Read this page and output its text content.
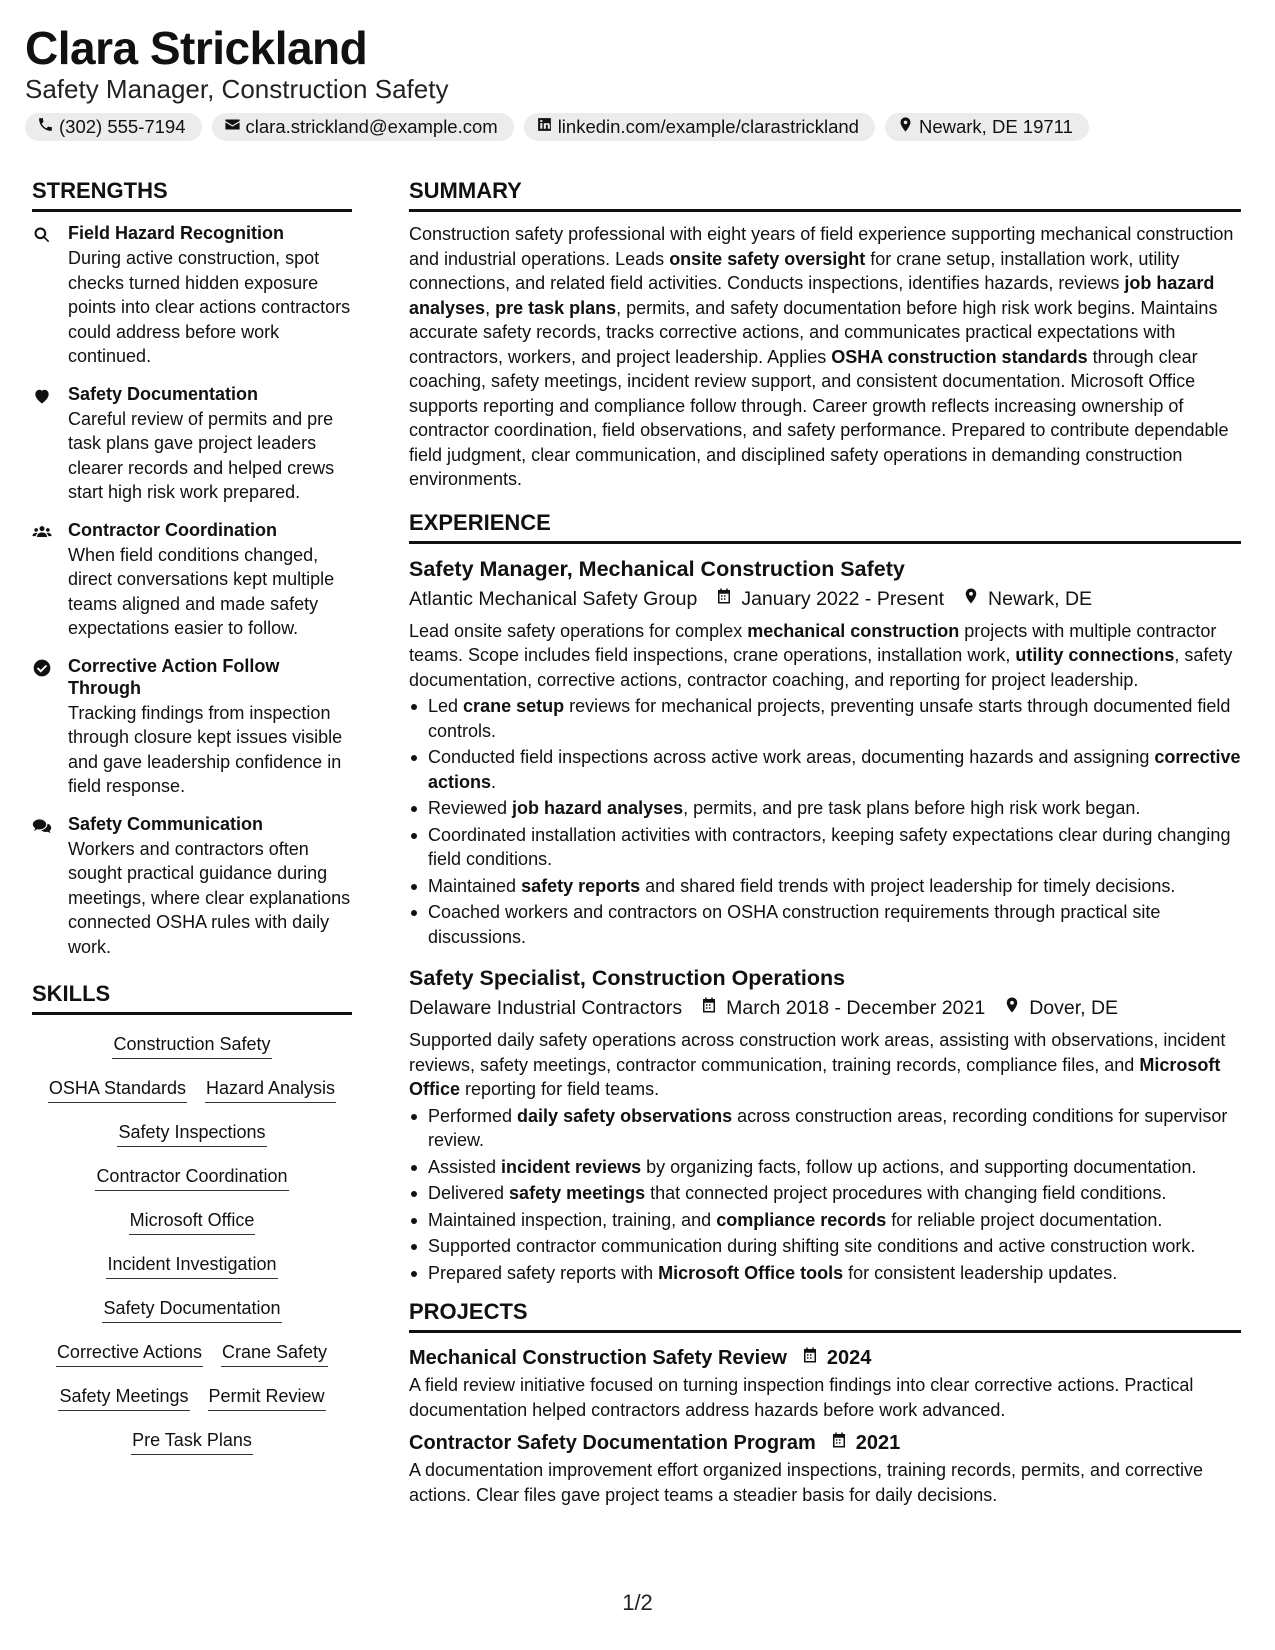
Clara Strickland
Safety Manager, Construction Safety
(302) 555-7194	clara.strickland@example.com	linkedin.com/example/clarastrickland	Newark, DE 19711
STRENGTHS
Field Hazard Recognition
During active construction, spot checks turned hidden exposure points into clear actions contractors could address before work continued.
Safety Documentation
Careful review of permits and pre task plans gave project leaders clearer records and helped crews start high risk work prepared.
Contractor Coordination
When field conditions changed, direct conversations kept multiple teams aligned and made safety expectations easier to follow.
Corrective Action Follow Through
Tracking findings from inspection through closure kept issues visible and gave leadership confidence in field response.
Safety Communication
Workers and contractors often sought practical guidance during meetings, where clear explanations connected OSHA rules with daily work.
SKILLS
Construction Safety
OSHA Standards Hazard Analysis
Safety Inspections
Contractor Coordination
Microsoft Office
Incident Investigation
Safety Documentation
Corrective Actions Crane Safety
Safety Meetings Permit Review
Pre Task Plans
SUMMARY

Construction safety professional with eight years of field experience supporting mechanical construction and industrial operations. Leads onsite safety oversight for crane setup, installation work, utility connections, and related field activities. Conducts inspections, identifies hazards, reviews job hazard analyses, pre task plans, permits, and safety documentation before high risk work begins. Maintains accurate safety records, tracks corrective actions, and communicates practical expectations with contractors, workers, and project leadership. Applies OSHA construction standards through clear coaching, safety meetings, incident review support, and consistent documentation. Microsoft Office supports reporting and compliance follow through. Career growth reflects increasing ownership of contractor coordination, field observations, and safety performance. Prepared to contribute dependable field judgment, clear communication, and disciplined safety operations in demanding construction environments.

EXPERIENCE
Safety Manager, Mechanical Construction Safety
Atlantic Mechanical Safety Group January 2022 - Present Newark, DE

Lead onsite safety operations for complex mechanical construction projects with multiple contractor teams. Scope includes field inspections, crane operations, installation work, utility connections, safety documentation, corrective actions, contractor coaching, and reporting for project leadership.

Led crane setup reviews for mechanical projects, preventing unsafe starts through documented field controls.
Conducted field inspections across active work areas, documenting hazards and assigning corrective actions.
Reviewed job hazard analyses, permits, and pre task plans before high risk work began.
Coordinated installation activities with contractors, keeping safety expectations clear during changing field conditions.
Maintained safety reports and shared field trends with project leadership for timely decisions.
Coached workers and contractors on OSHA construction requirements through practical site discussions.
Safety Specialist, Construction Operations
Delaware Industrial Contractors March 2018 - December 2021 Dover, DE

Supported daily safety operations across construction work areas, assisting with observations, incident reviews, safety meetings, contractor communication, training records, compliance files, and Microsoft Office reporting for field teams.

Performed daily safety observations across construction areas, recording conditions for supervisor review.
Assisted incident reviews by organizing facts, follow up actions, and supporting documentation.
Delivered safety meetings that connected project procedures with changing field conditions.
Maintained inspection, training, and compliance records for reliable project documentation.
Supported contractor communication during shifting site conditions and active construction work.
Prepared safety reports with Microsoft Office tools for consistent leadership updates.
PROJECTS
Mechanical Construction Safety Review 2024

A field review initiative focused on turning inspection findings into clear corrective actions. Practical documentation helped contractors address hazards before work advanced.

Contractor Safety Documentation Program 2021

A documentation improvement effort organized inspections, training records, permits, and corrective actions. Clear files gave project teams a steadier basis for daily decisions.

1/2
